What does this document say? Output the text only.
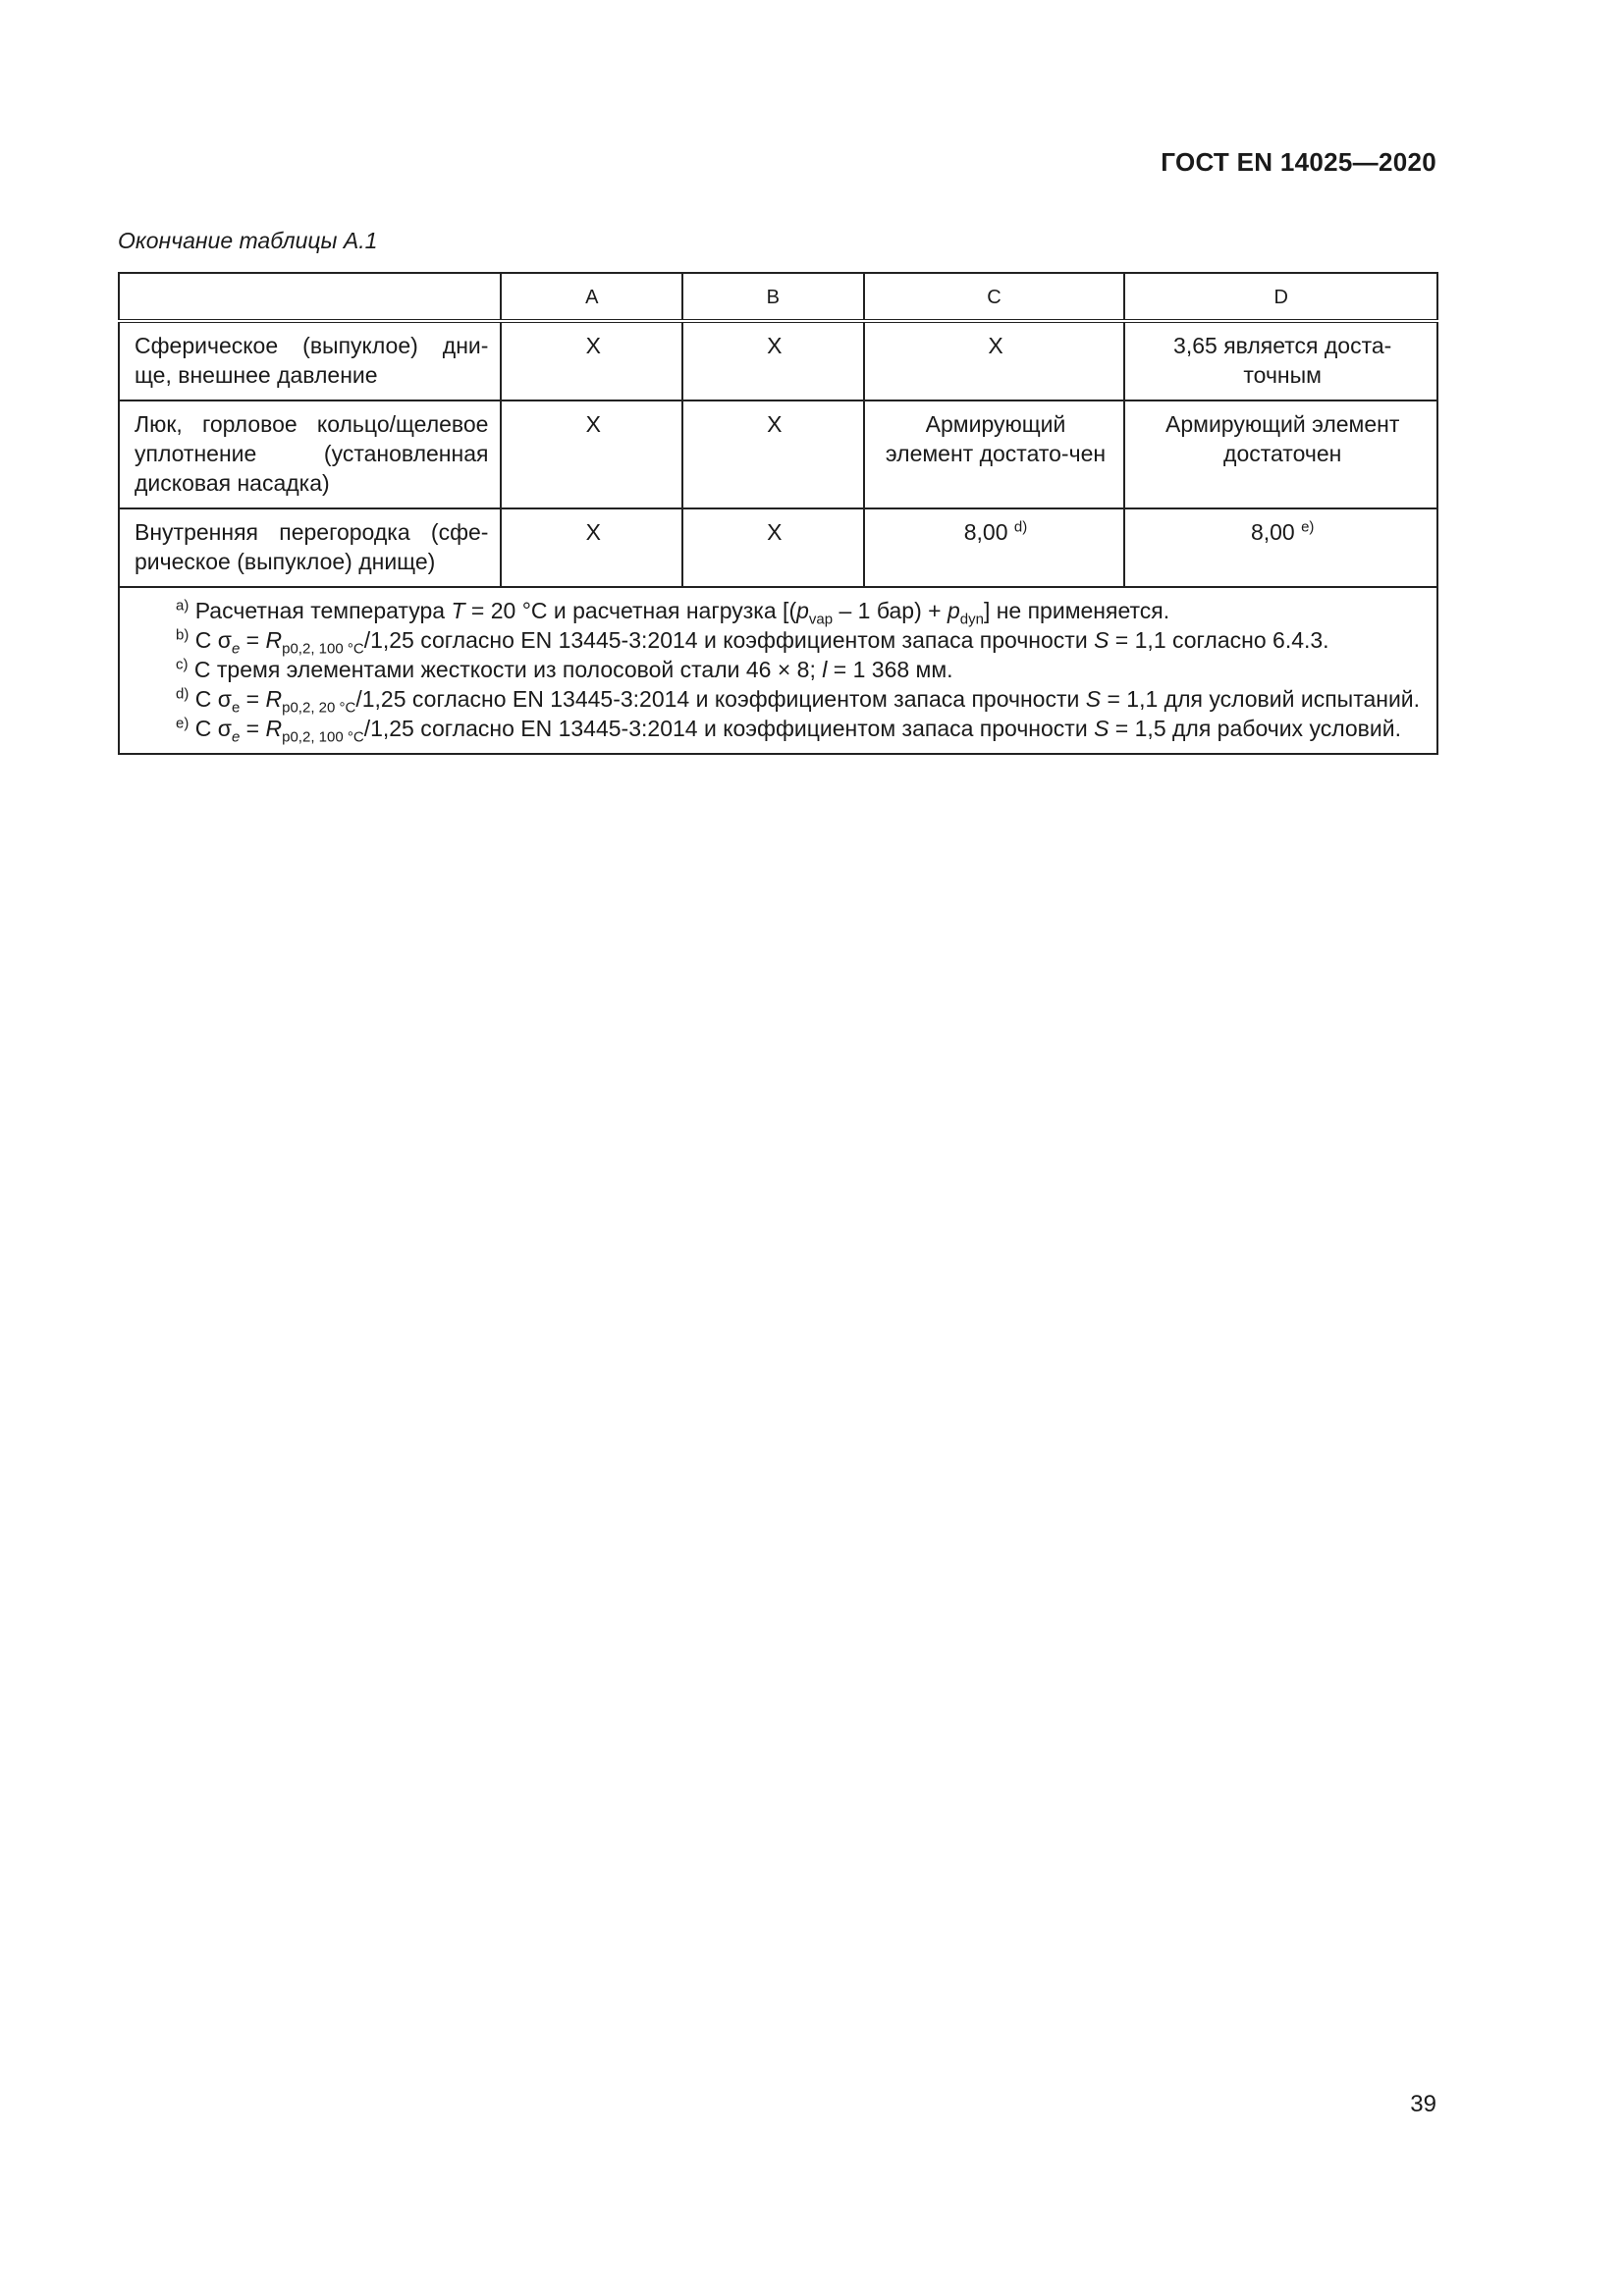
ГОСТ EN 14025—2020
Окончание таблицы А.1
	A	B	C	D
Сферическое (выпуклое) дни-ще, внешнее давление	X	X	X	3,65 является доста-точным
Люк, горловое кольцо/щелевое уплотнение (установленная дисковая насадка)	X	X	Армирующий элемент достато-чен	Армирующий элемент достаточен
Внутренняя перегородка (сфе-рическое (выпуклое) днище)	X	X	8,00 $^{d)}$	8,00 $^{e)}$

$^{a)}$ Расчетная температура T = 20 °C и расчетная нагрузка [($p_{vap} - 1$ $бар) + p_{dyn}$] не применяется.
$^{b)}$ С $\sigma_e = R_{p0,2, 100 ^\circ C}/1,25$ согласно EN 13445-3:2014 и коэффициентом запаса прочности S = 1,1 согласно 6.4.3.
$^{c)}$ С тремя элементами жесткости из полосовой стали 46 × 8; l = 1 368 мм.
$^{d)}$ С $\sigma_e = R_{p0,2, 20 ^\circ C}/1,25$ согласно EN 13445-3:2014 и коэффициентом запаса прочности S = 1,1 для условий испытаний.
$^{e)}$ С $\sigma_e = R_{p0,2, 100 ^\circ C}/1,25$ согласно EN 13445-3:2014 и коэффициентом запаса прочности S = 1,5 для рабочих условий.				
39
